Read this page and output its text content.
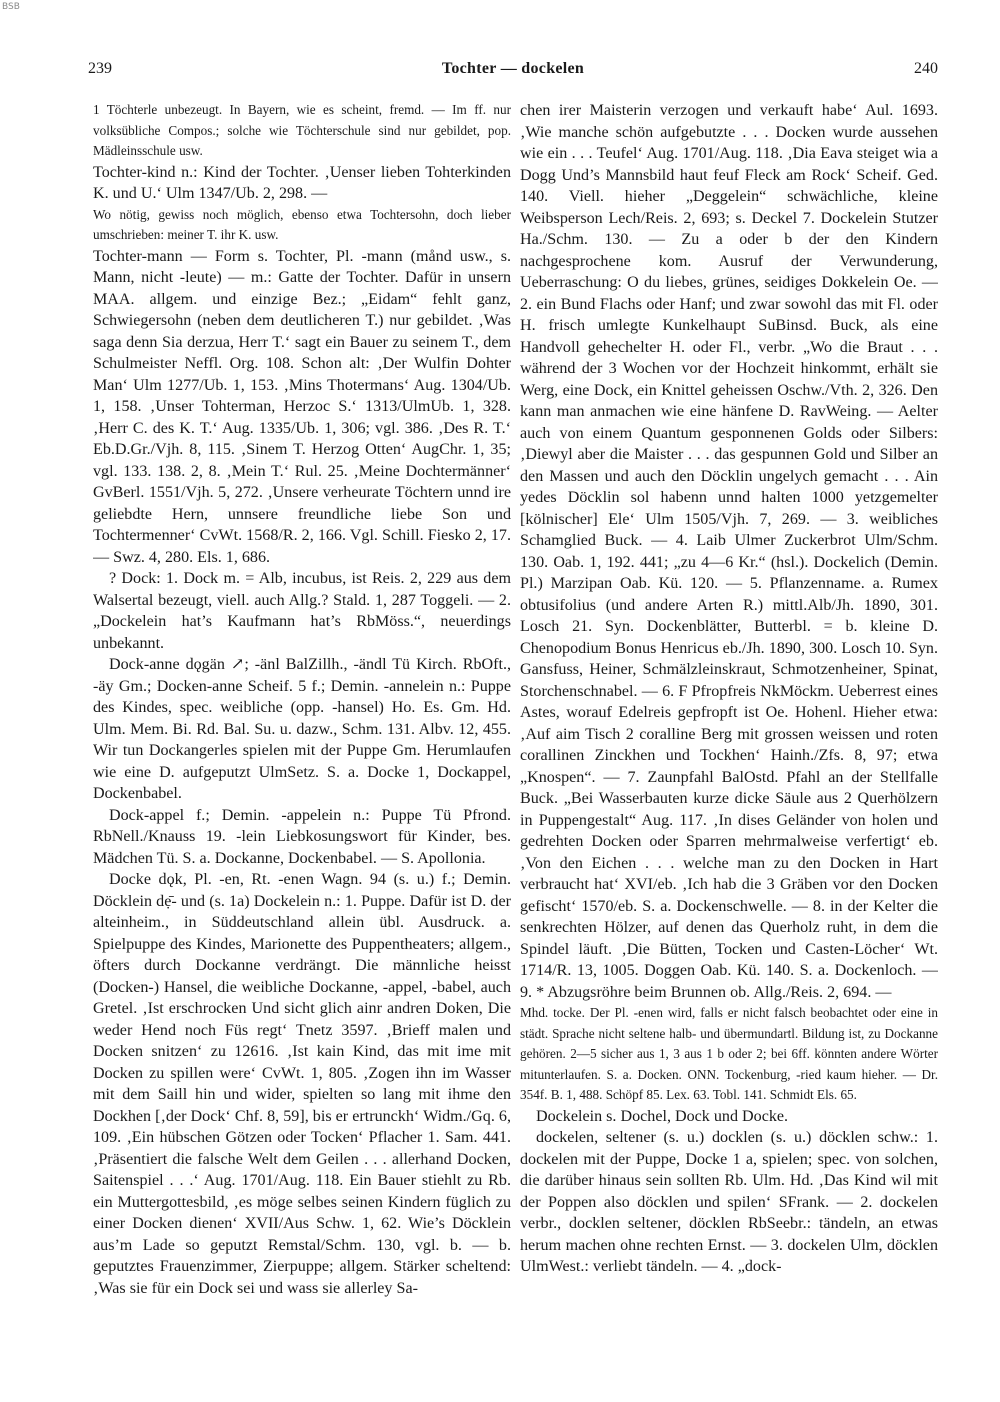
BSB
239	Tochter — dockelen	240

1 Töchterle unbezeugt. In Bayern, wie es scheint, fremd. — Im ff. nur volksübliche Compos.; solche wie Töchterschule sind nur gebildet, pop. Mädleinsschule usw.

Tochter-kind n.: Kind der Tochter. ‚Uenser lieben Tohterkinden K. und U.‘ Ulm 1347/Ub. 2, 298. —

Wo nötig, gewiss noch möglich, ebenso etwa Tochtersohn, doch lieber umschrieben: meiner T. ihr K. usw.

Tochter-mann — Form s. Tochter, Pl. -mann (månd usw., s. Mann, nicht -leute) — m.: Gatte der Tochter. Dafür in unsern MAA. allgem. und einzige Bez.; „Eidam“ fehlt ganz, Schwiegersohn (neben dem deutlicheren T.) nur gebildet. ‚Was saga denn Sia derzua, Herr T.‘ sagt ein Bauer zu seinem T., dem Schulmeister Neffl. Org. 108. Schon alt: ‚Der Wulfin Dohter Man‘ Ulm 1277/Ub. 1, 153. ‚Mins Thotermans‘ Aug. 1304/Ub. 1, 158. ‚Unser Tohterman, Herzoc S.‘ 1313/UlmUb. 1, 328. ‚Herr C. des K. T.‘ Aug. 1335/Ub. 1, 306; vgl. 386. ‚Des R. T.‘ Eb.D.Gr./Vjh. 8, 115. ‚Sinem T. Herzog Otten‘ AugChr. 1, 35; vgl. 133. 138. 2, 8. ‚Mein T.‘ Rul. 25. ‚Meine Dochtermänner‘ GvBerl. 1551/Vjh. 5, 272. ‚Unsere verheurate Töchtern unnd ire geliebdte Hern, unnsere freundliche liebe Son und Tochtermenner‘ CvWt. 1568/R. 2, 166. Vgl. Schill. Fiesko 2, 17. — Swz. 4, 280. Els. 1, 686.

? Dock: 1. Dock m. = Alb, incubus, ist Reis. 2, 229 aus dem Walsertal bezeugt, viell. auch Allg.? Stald. 1, 287 Toggeli. — 2. „Dockelein hat’s Kaufmann hat’s RbMöss.“, neuerdings unbekannt.

Dock-anne dǫgän ↗; -änl BalZillh., -ändl Tü Kirch. RbOft., -äy Gm.; Docken-anne Scheif. 5 f.; Demin. -annelein n.: Puppe des Kindes, spec. weibliche (opp. -hansel) Ho. Es. Gm. Hd. Ulm. Mem. Bi. Rd. Bal. Su. u. dazw., Schm. 131. Albv. 12, 455. Wir tun Dockangerles spielen mit der Puppe Gm. Herumlaufen wie eine D. aufgeputzt UlmSetz. S. a. Docke 1, Dockappel, Dockenbabel.

Dock-appel f.; Demin. -appelein n.: Puppe Tü Pfrond. RbNell./Knauss 19. -lein Liebkosungswort für Kinder, bes. Mädchen Tü. S. a. Dockanne, Dockenbabel. — S. Apollonia.

Docke dǫk, Pl. -en, Rt. -enen Wagn. 94 (s. u.) f.; Demin. Döcklein dẹ̄- und (s. 1a) Dockelein n.: 1. Puppe. Dafür ist D. der alteinheim., in Süddeutschland allein übl. Ausdruck. a. Spielpuppe des Kindes, Marionette des Puppentheaters; allgem., öfters durch Dockanne verdrängt. Die männliche heisst (Docken-) Hansel, die weibliche Dockanne, -appel, -babel, auch Gretel. ‚Ist erschrocken Und sicht glich ainr andren Doken, Die weder Hend noch Füs regt‘ Tnetz 3597. ‚Brieff malen und Docken snitzen‘ zu 12616. ‚Ist kain Kind, das mit ime mit Docken zu spillen were‘ CvWt. 1, 805. ‚Zogen ihn im Wasser mit dem Saill hin und wider, spielten so lang mit ihme den Dockhen [‚der Dock‘ Chf. 8, 59], bis er ertrunckh‘ Widm./Gq. 6, 109. ‚Ein hübschen Götzen oder Tocken‘ Pflacher 1. Sam. 441. ‚Präsentiert die falsche Welt dem Geilen . . . allerhand Docken, Saitenspiel . . .‘ Aug. 1701/Aug. 118. Ein Bauer stiehlt zu Rb. ein Muttergottesbild, ‚es möge selbes seinen Kindern füglich zu einer Docken dienen‘ XVII/Aus Schw. 1, 62. Wie’s Döcklein aus’m Lade so geputzt Remstal/Schm. 130, vgl. b. — b. geputztes Frauenzimmer, Zierpuppe; allgem. Stärker scheltend: ‚Was sie für ein Dock sei und wass sie allerley Sa-

chen irer Maisterin verzogen und verkauft habe‘ Aul. 1693. ‚Wie manche schön aufgebutzte . . . Docken wurde aussehen wie ein . . . Teufel‘ Aug. 1701/Aug. 118. ‚Dia Eava steiget wia a Dogg Und’s Mannsbild haut feuf Fleck am Rock‘ Scheif. Ged. 140. Viell. hieher „Deggelein“ schwächliche, kleine Weibsperson Lech/Reis. 2, 693; s. Deckel 7. Dockelein Stutzer Ha./Schm. 130. — Zu a oder b der den Kindern nachgesprochene kom. Ausruf der Verwunderung, Ueberraschung: O du liebes, grünes, seidiges Dokkelein Oe. — 2. ein Bund Flachs oder Hanf; und zwar sowohl das mit Fl. oder H. frisch umlegte Kunkelhaupt SuBinsd. Buck, als eine Handvoll gehechelter H. oder Fl., verbr. „Wo die Braut . . . während der 3 Wochen vor der Hochzeit hinkommt, erhält sie Werg, eine Dock, ein Knittel geheissen Oschw./Vth. 2, 326. Den kann man anmachen wie eine hänfene D. RavWeing. — Aelter auch von einem Quantum gesponnenen Golds oder Silbers: ‚Diewyl aber die Maister . . . das gespunnen Gold und Silber an den Massen und auch den Döcklin ungelych gemacht . . . Ain yedes Döcklin sol habenn unnd halten 1000 yetzgemelter [kölnischer] Ele‘ Ulm 1505/Vjh. 7, 269. — 3. weibliches Schamglied Buck. — 4. Laib Ulmer Zuckerbrot Ulm/Schm. 130. Oab. 1, 192. 441; „zu 4—6 Kr.“ (hsl.). Dockelich (Demin. Pl.) Marzipan Oab. Kü. 120. — 5. Pflanzenname. a. Rumex obtusifolius (und andere Arten R.) mittl.Alb/Jh. 1890, 301. Losch 21. Syn. Dockenblätter, Butterbl. = b. kleine D. Chenopodium Bonus Henricus eb./Jh. 1890, 300. Losch 10. Syn. Gansfuss, Heiner, Schmälzleinskraut, Schmotzenheiner, Spinat, Storchenschnabel. — 6. F Pfropfreis NkMöckm. Ueberrest eines Astes, worauf Edelreis gepfropft ist Oe. Hohenl. Hieher etwa: ‚Auf aim Tisch 2 coralline Berg mit grossen weissen und roten corallinen Zinckhen und Tockhen‘ Hainh./Zfs. 8, 97; etwa „Knospen“. — 7. Zaunpfahl BalOstd. Pfahl an der Stellfalle Buck. „Bei Wasserbauten kurze dicke Säule aus 2 Querhölzern in Puppengestalt“ Aug. 117. ‚In dises Geländer von holen und gedrehten Docken oder Sparren mehrmalweise verfertigt‘ eb. ‚Von den Eichen . . . welche man zu den Docken in Hart verbraucht hat‘ XVI/eb. ‚Ich hab die 3 Gräben vor den Docken gefischt‘ 1570/eb. S. a. Dockenschwelle. — 8. in der Kelter die senkrechten Hölzer, auf denen das Querholz ruht, in dem die Spindel läuft. ‚Die Bütten, Tocken und Casten-Löcher‘ Wt. 1714/R. 13, 1005. Doggen Oab. Kü. 140. S. a. Dockenloch. — 9. * Abzugsröhre beim Brunnen ob. Allg./Reis. 2, 694. —

Mhd. tocke. Der Pl. -enen wird, falls er nicht falsch beobachtet oder eine in städt. Sprache nicht seltene halb- und übermundartl. Bildung ist, zu Dockanne gehören. 2—5 sicher aus 1, 3 aus 1 b oder 2; bei 6ff. könnten andere Wörter mitunterlaufen. S. a. Docken. ONN. Tockenburg, -ried kaum hieher. — Dr. 354f. B. 1, 488. Schöpf 85. Lex. 63. Tobl. 141. Schmidt Els. 65.

Dockelein s. Dochel, Dock und Docke.

dockelen, seltener (s. u.) docklen (s. u.) döcklen schw.: 1. dockelen mit der Puppe, Docke 1 a, spielen; spec. von solchen, die darüber hinaus sein sollten Rb. Ulm. Hd. ‚Das Kind wil mit der Poppen also döcklen und spilen‘ SFrank. — 2. dockelen verbr., docklen seltener, döcklen RbSeebr.: tändeln, an etwas herum machen ohne rechten Ernst. — 3. dockelen Ulm, döcklen UlmWest.: verliebt tändeln. — 4. „dock-
